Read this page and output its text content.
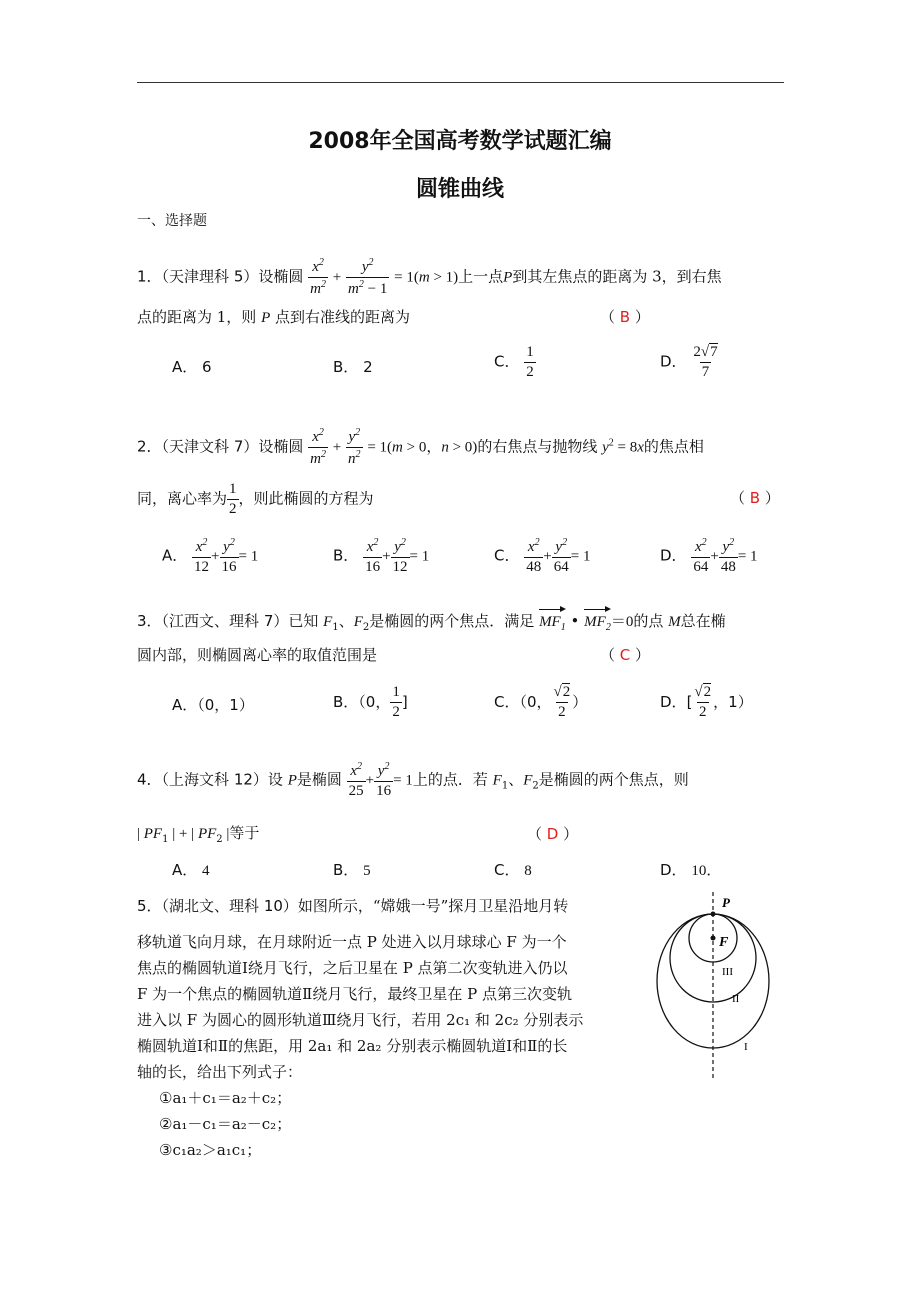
2008年全国高考数学试题汇编
圆锥曲线
一、选择题
1．（天津理科 5）设椭圆 $\frac{x^2}{m^2} + \frac{y^2}{m^2 - 1} = 1(m > 1)$上一点P到其左焦点的距离为 3，到右焦
点的距离为 1，则 P 点到右准线的距离为	（ B ）
A． 6	B． 2	C． $\frac{1}{2}$	D． $\frac{2√7}{7}$
2．（天津文科 7）设椭圆 $\frac{x^2}{m^2} + \frac{y^2}{n^2} = 1(m > 0$，n > 0)的右焦点与抛物线 $y^2 = 8x$的焦点相
同，离心率为 $\frac{1}{2}$ ，则此椭圆的方程为	（ B ）
A． $\frac{x^2}{12} + \frac{y^2}{16} = 1$	B． $\frac{x^2}{16} + \frac{y^2}{12} = 1$	C． $\frac{x^2}{48} + \frac{y^2}{64} = 1$	D． $\frac{x^2}{64} + \frac{y^2}{48} = 1$
3．（江西文、理科 7）已知 $F_1$、$F_2$是椭圆的两个焦点．满足 $MF_1$ • $MF_2=0$的点 M总在椭
圆内部，则椭圆离心率的取值范围是	（ C ）
A．（0，1）	B．（0， $\frac{1}{2}$ ]	C．（0， $\frac{√2}{2}$ ）	D．[ $\frac{√2}{2}$ ，1）
4．（上海文科 12）设 P是椭圆 $\frac{x^2}{25} + \frac{y^2}{16} = 1$上的点．若 $F_1$、$F_2$是椭圆的两个焦点，则
| $PF_1$ | + | $PF_2$ |等于	（ D ）
A． 4	B． 5	C． 8	D． 10．
5．（湖北文、理科 10）如图所示，“嫦娥一号”探月卫星沿地月转
移轨道飞向月球，在月球附近一点 P 处进入以月球球心 F 为一个
焦点的椭圆轨道Ⅰ绕月飞行，之后卫星在 P 点第二次变轨进入仍以
F 为一个焦点的椭圆轨道Ⅱ绕月飞行，最终卫星在 P 点第三次变轨
进入以 F 为圆心的圆形轨道Ⅲ绕月飞行，若用 2c₁ 和 2c₂ 分别表示
椭圆轨道Ⅰ和Ⅱ的焦距，用 2a₁ 和 2a₂ 分别表示椭圆轨道Ⅰ和Ⅱ的长
轴的长，给出下列式子：
①a₁＋c₁＝a₂＋c₂；
②a₁－c₁＝a₂－c₂；
③c₁a₂＞a₁c₁；
P
F
III
II
I
